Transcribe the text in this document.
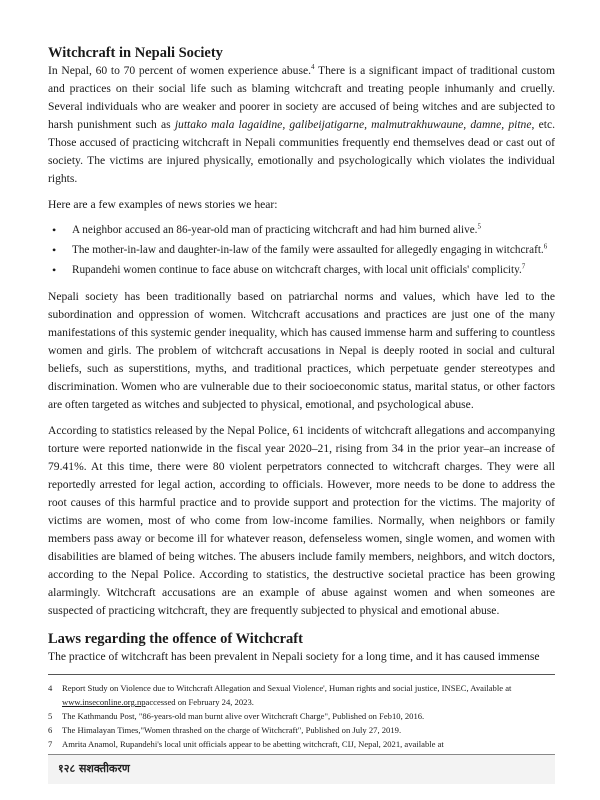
Witchcraft in Nepali Society

In Nepal, 60 to 70 percent of women experience abuse.$^4$ There is a significant impact of traditional custom and practices on their social life such as blaming witchcraft and treating people inhumanly and cruelly. Several individuals who are weaker and poorer in society are accused of being witches and are subjected to harsh punishment such as juttako mala lagaidine, galibeijatigarne, malmutrakhuwaune, damne, pitne, etc. Those accused of practicing witchcraft in Nepali communities frequently end themselves dead or cast out of society. The victims are injured physically, emotionally and psychologically which violates the individual rights.

Here are a few examples of news stories we hear:

• A neighbor accused an 86-year-old man of practicing witchcraft and had him burned alive.$^5$
• The mother-in-law and daughter-in-law of the family were assaulted for allegedly engaging in witchcraft.$^6$
• Rupandehi women continue to face abuse on witchcraft charges, with local unit officials' complicity.$^7$

Nepali society has been traditionally based on patriarchal norms and values, which have led to the subordination and oppression of women. Witchcraft accusations and practices are just one of the many manifestations of this systemic gender inequality, which has caused immense harm and suffering to countless women and girls. The problem of witchcraft accusations in Nepal is deeply rooted in social and cultural beliefs, such as superstitions, myths, and traditional practices, which perpetuate gender stereotypes and discrimination. Women who are vulnerable due to their socioeconomic status, marital status, or other factors are often targeted as witches and subjected to physical, emotional, and psychological abuse.

According to statistics released by the Nepal Police, 61 incidents of witchcraft allegations and accompanying torture were reported nationwide in the fiscal year 2020–21, rising from 34 in the prior year–an increase of 79.41%. At this time, there were 80 violent perpetrators connected to witchcraft charges. They were all reportedly arrested for legal action, according to officials. However, more needs to be done to address the root causes of this harmful practice and to provide support and protection for the victims. The majority of victims are women, most of who come from low-income families. Normally, when neighbors or family members pass away or become ill for whatever reason, defenseless women, single women, and women with disabilities are blamed of being witches. The abusers include family members, neighbors, and witch doctors, according to the Nepal Police. According to statistics, the destructive societal practice has been growing alarmingly. Witchcraft accusations are an example of abuse against women and when someones are suspected of practicing witchcraft, they are frequently subjected to physical and emotional abuse.

Laws regarding the offence of Witchcraft

The practice of witchcraft has been prevalent in Nepali society for a long time, and it has caused immense

4	Report Study on Violence due to Witchcraft Allegation and Sexual Violence', Human rights and social justice, INSEC, Available at www.inseconline.org.npaccessed on February 24, 2023.
5	The Kathmandu Post, "86-years-old man burnt alive over Witchcraft Charge", Published on Feb10, 2016.
6	The Himalayan Times,"Women thrashed on the charge of Witchcraft", Published on July 27, 2019.
7	Amrita Anamol, Rupandehi's local unit officials appear to be abetting witchcraft, CIJ, Nepal, 2021, available at
१२८ सशक्तीकरण
